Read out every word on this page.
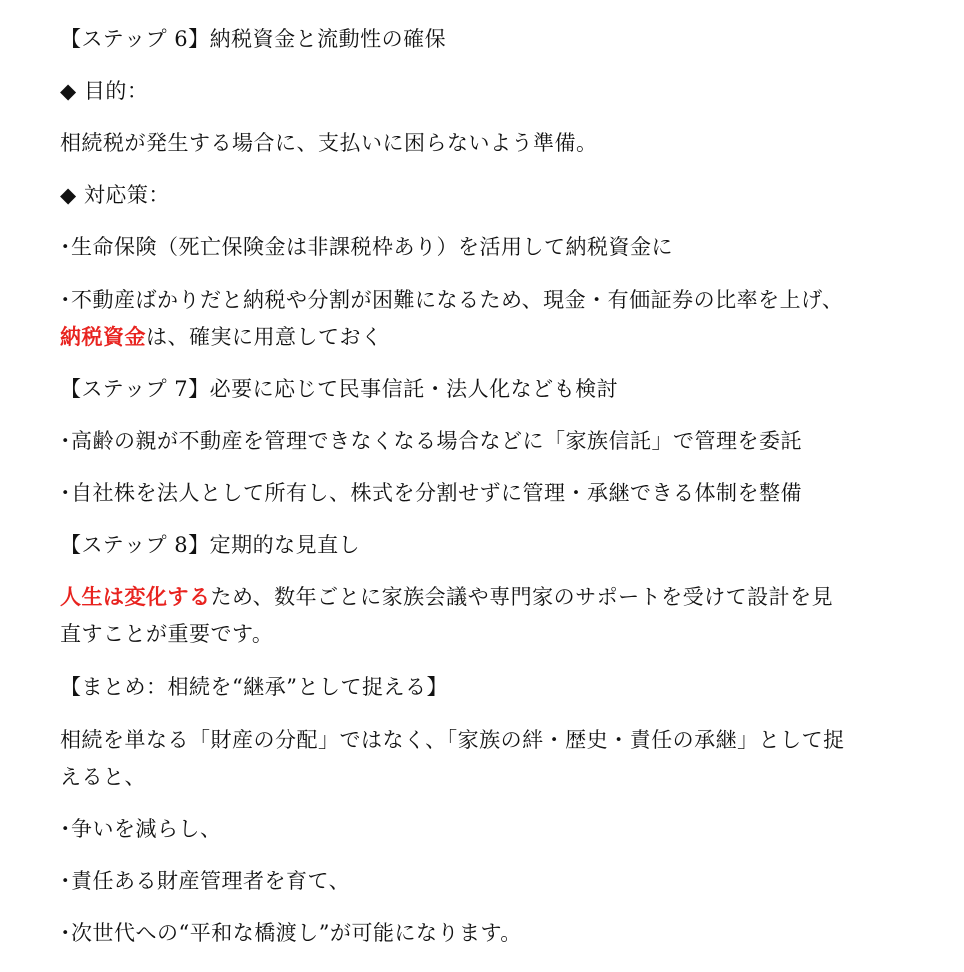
【ステップ 6】納税資金と流動性の確保
◆ 目的：
相続税が発生する場合に、支払いに困らないよう準備。
◆ 対応策：
･生命保険（死亡保険金は非課税枠あり）を活用して納税資金に
･不動産ばかりだと納税や分割が困難になるため、現金・有価証券の比率を上げ、
納税資金は、確実に用意しておく
【ステップ 7】必要に応じて民事信託・法人化なども検討
･高齢の親が不動産を管理できなくなる場合などに「家族信託」で管理を委託
･自社株を法人として所有し、株式を分割せずに管理・承継できる体制を整備
【ステップ 8】定期的な見直し
人生は変化するため、数年ごとに家族会議や専門家のサポートを受けて設計を見
直すことが重要です。
【まとめ：相続を“継承”として捉える】
相続を単なる「財産の分配」ではなく、「家族の絆・歴史・責任の承継」として捉
えると、
･争いを減らし、
･責任ある財産管理者を育て、
･次世代への“平和な橋渡し”が可能になります。
